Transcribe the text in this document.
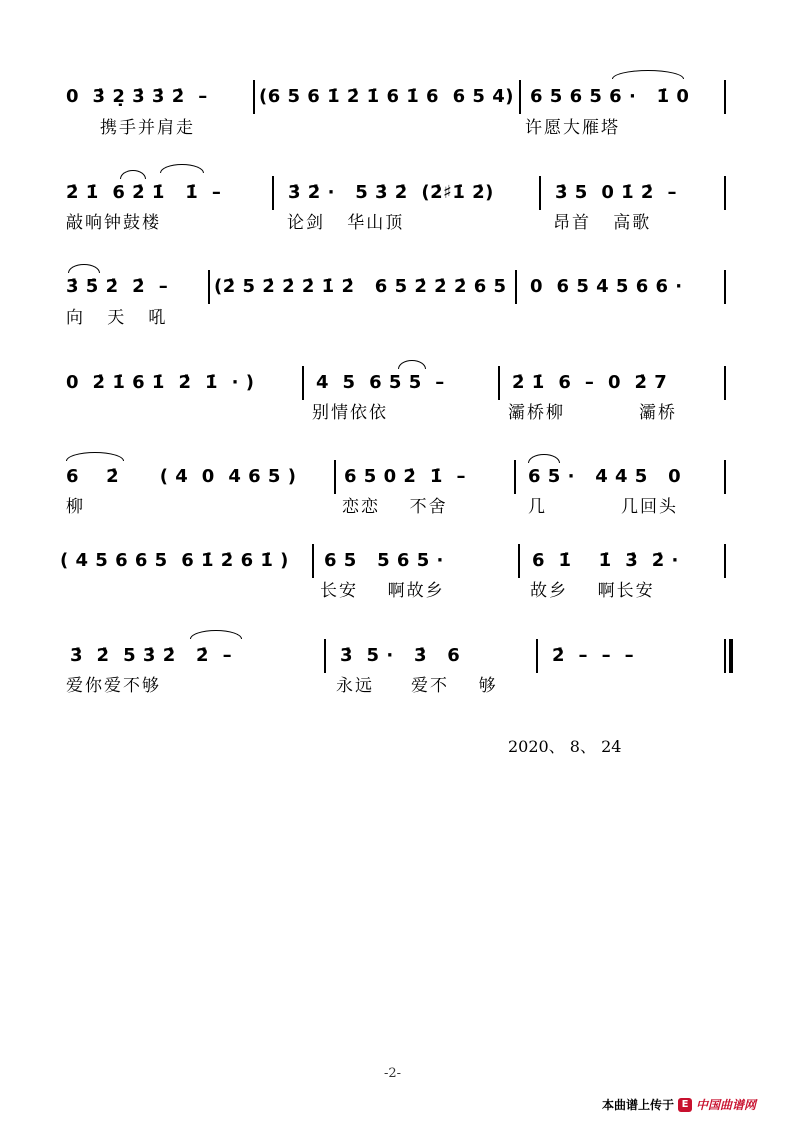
0  3̇ 2̣ 3̇ 3̇ 2̇  –	(6 5 6 1̇ 2̇ 1̇ 6 1̇ 6  6 5 4) 6 5 6 5 6 ·   1̇ 0
携手并肩走	许愿大雁塔
2̇ 1̇  6 2̇ 1̇   1̇  –	3̇ 2̇ ·   5 3̇ 2̇  (2̇♯1̇ 2̇)	3̇ 5  0 1̇ 2̇  –
敲响钟鼓楼	论剑   华山顶	昂首   高歌
3̇ 5̇ 2̇  2̇  –	(2̇ 5 2̇ 2̇ 2̇ 1̇ 2̇   6 5 2̇ 2̇ 2̇ 6 5 0  6 5 4 5 6 6 ·
向   天   吼
0  2̇ 1̇ 6 1̇  2̇  1̇  · )	4  5  6 5 5  –	2̇ 1̇  6  –  0  2̇ 7
别情依依	灞桥柳          灞桥
6    2̇      ( 4  0  4 6 5 )	6 5 0 2̇  1̇  –	6 5 ·   4 4 5   0
柳	恋恋    不舍	几          几回头
( 4 5 6 6 5  6 1̇ 2̇ 6 1̇ ) 6 5   5 6 5 ·	6  1̇    1̇  3̇  2̇ ·
长安    啊故乡	故乡    啊长安
3̇  2̇  5 3̇ 2̇   2̇  –	3̇  5 ·   3̇   6	2̇  –  –  –
爱你爱不够	永远     爱不    够
2020、 8、 24
-2-
本曲谱上传于 E 中国曲谱网
